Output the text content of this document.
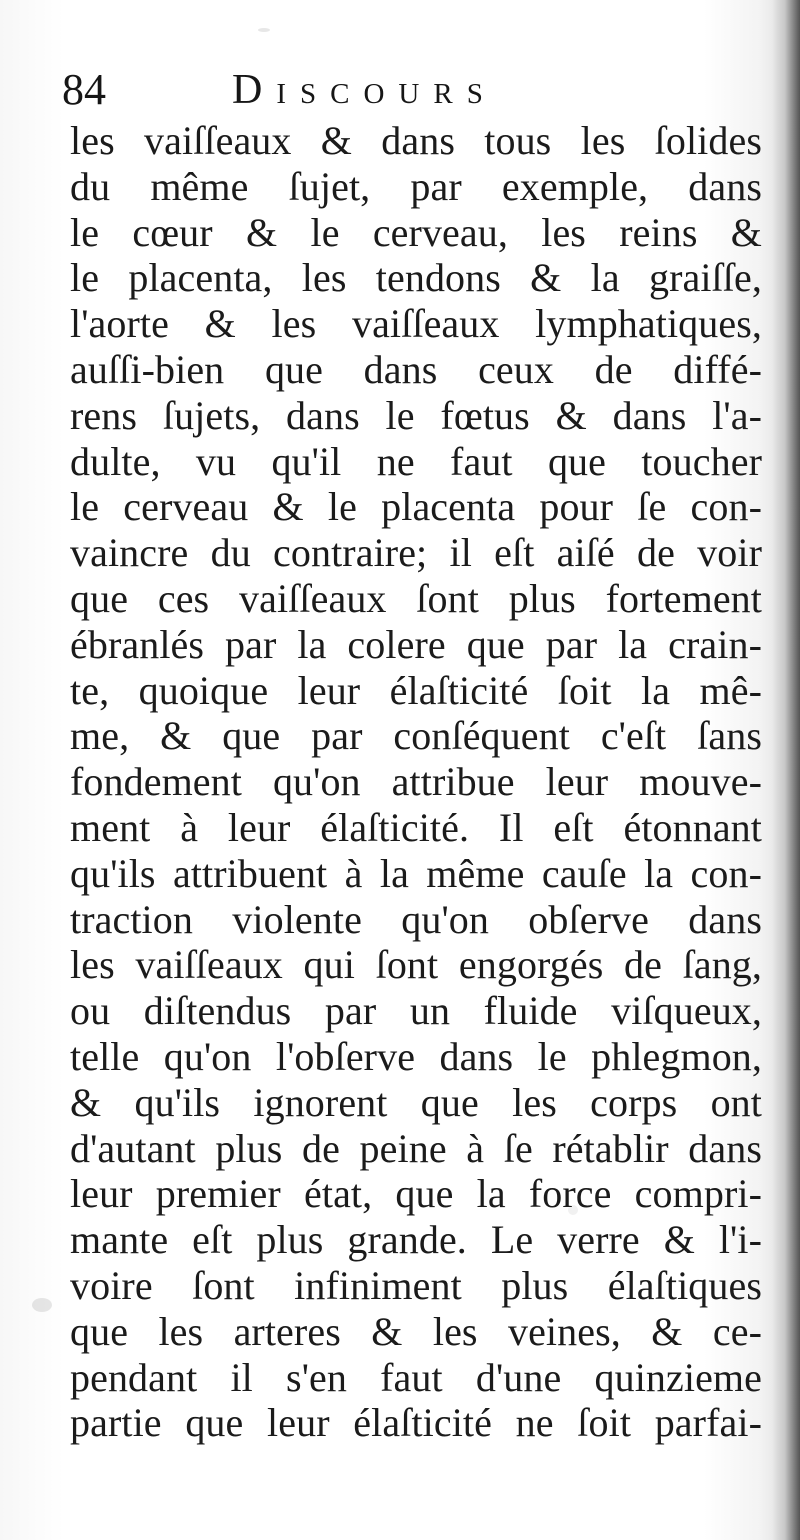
84	Discours
les vaiſſeaux & dans tous les ſolides
du même ſujet, par exemple, dans
le cœur & le cerveau, les reins &
le placenta, les tendons & la graiſſe,
l'aorte & les vaiſſeaux lymphatiques,
auſſi-bien que dans ceux de diffé-
rens ſujets, dans le fœtus & dans l'a-
dulte, vu qu'il ne faut que toucher
le cerveau & le placenta pour ſe con-
vaincre du contraire; il eſt aiſé de voir
que ces vaiſſeaux ſont plus fortement
ébranlés par la colere que par la crain-
te, quoique leur élaſticité ſoit la mê-
me, & que par conſéquent c'eſt ſans
fondement qu'on attribue leur mouve-
ment à leur élaſticité. Il eſt étonnant
qu'ils attribuent à la même cauſe la con-
traction violente qu'on obſerve dans
les vaiſſeaux qui ſont engorgés de ſang,
ou diſtendus par un fluide viſqueux,
telle qu'on l'obſerve dans le phlegmon,
& qu'ils ignorent que les corps ont
d'autant plus de peine à ſe rétablir dans
leur premier état, que la force compri-
mante eſt plus grande. Le verre & l'i-
voire ſont infiniment plus élaſtiques
que les arteres & les veines, & ce-
pendant il s'en faut d'une quinzieme
partie que leur élaſticité ne ſoit parfai-
